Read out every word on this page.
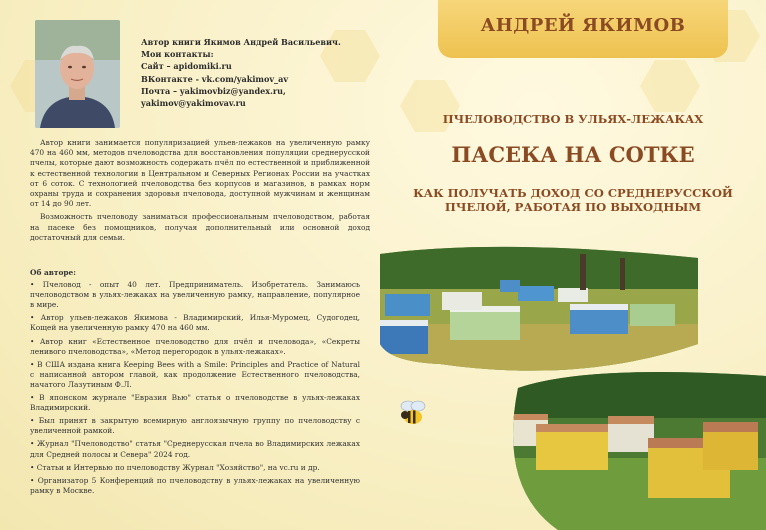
Автор книги Якимов Андрей Васильевич.
Мои контакты:
Сайт – apidomiki.ru
ВКонтакте - vk.com/yakimov_av
Почта – yakimovbiz@yandex.ru,
yakimov@yakimovav.ru

Автор книги занимается популяризацией ульев-лежаков на увеличенную рамку 470 на 460 мм, методов пчеловодства для восстановления популяции среднерусской пчелы, которые дают возможность содержать пчёл по естественной и приближенной к естественной технологии в Центральном и Северных Регионах России на участках от 6 соток. С технологией пчеловодства без корпусов и магазинов, в рамках норм охраны труда и сохранения здоровья пчеловода, доступной мужчинам и женщинам от 14 до 90 лет.

Возможность пчеловоду заниматься профессиональным пчеловодством, работая на пасеке без помощников, получая дополнительный или основной доход достаточный для семьи.

Об авторе:
• Пчеловод - опыт 40 лет. Предприниматель. Изобретатель. Занимаюсь пчеловодством в ульях-лежаках на увеличенную рамку, направление, популярное в мире.
• Автор ульев-лежаков Якимова - Владимирский, Илья-Муромец, Судогодец, Кощей на увеличенную рамку 470 на 460 мм.
• Автор книг «Естественное пчеловодство для пчёл и пчеловода», «Секреты ленивого пчеловодства», «Метод перегородок в ульях-лежаках».
• В США издана книга Keeping Bees with a Smile: Principles and Practice of Natural с написанной автором главой, как продолжение Естественного пчеловодства, начатого Лазутиным Ф.Л.
• В японском журнале "Евразия Вью" статья о пчеловодстве в ульях-лежаках Владимирский.
• Был принят в закрытую всемирную англоязычную группу по пчеловодству с увеличенной рамкой.
• Журнал "Пчеловодство" статья "Среднерусская пчела во Владимирских лежаках для Средней полосы и Севера" 2024 год.
• Статьи и Интервью по пчеловодству Журнал "Хозяйство", на vc.ru и др.
• Организатор 5 Конференций по пчеловодству в ульях-лежаках на увеличенную рамку в Москве.
АНДРЕЙ ЯКИМОВ
ПЧЕЛОВОДСТВО В УЛЬЯХ-ЛЕЖАКАХ
ПАСЕКА НА СОТКЕ
КАК ПОЛУЧАТЬ ДОХОД СО СРЕДНЕРУССКОЙ
ПЧЕЛОЙ, РАБОТАЯ ПО ВЫХОДНЫМ
